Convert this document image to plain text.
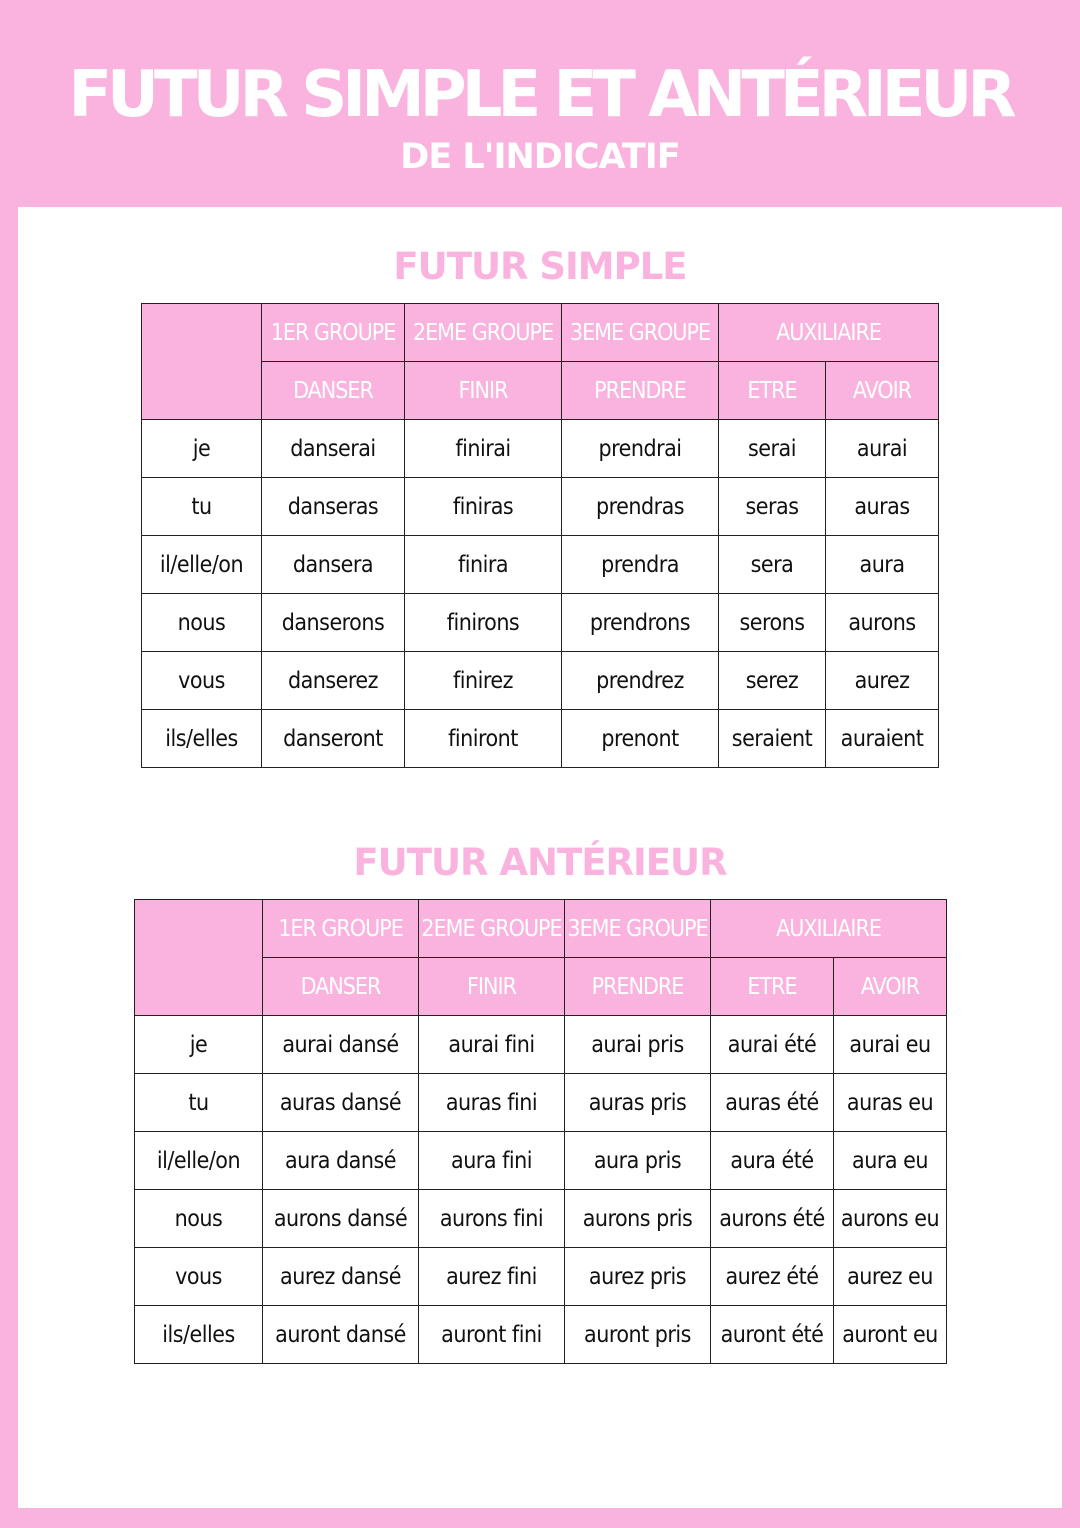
FUTUR SIMPLE ET ANTÉRIEUR
DE L'INDICATIF
FUTUR SIMPLE
	1ER GROUPE	2EME GROUPE	3EME GROUPE	AUXILIAIRE	
	DANSER	FINIR	PRENDRE	ETRE	AVOIR
je	danserai	finirai	prendrai	serai	aurai
tu	danseras	finiras	prendras	seras	auras
il/elle/on	dansera	finira	prendra	sera	aura
nous	danserons	finirons	prendrons	serons	aurons
vous	danserez	finirez	prendrez	serez	aurez
ils/elles	danseront	finiront	prenont	seraient	auraient
FUTUR ANTÉRIEUR
	1ER GROUPE	2EME GROUPE	3EME GROUPE	AUXILIAIRE	
	DANSER	FINIR	PRENDRE	ETRE	AVOIR
je	aurai dansé	aurai fini	aurai pris	aurai été	aurai eu
tu	auras dansé	auras fini	auras pris	auras été	auras eu
il/elle/on	aura dansé	aura fini	aura pris	aura été	aura eu
nous	aurons dansé	aurons fini	aurons pris	aurons été	aurons eu
vous	aurez dansé	aurez fini	aurez pris	aurez été	aurez eu
ils/elles	auront dansé	auront fini	auront pris	auront été	auront eu
